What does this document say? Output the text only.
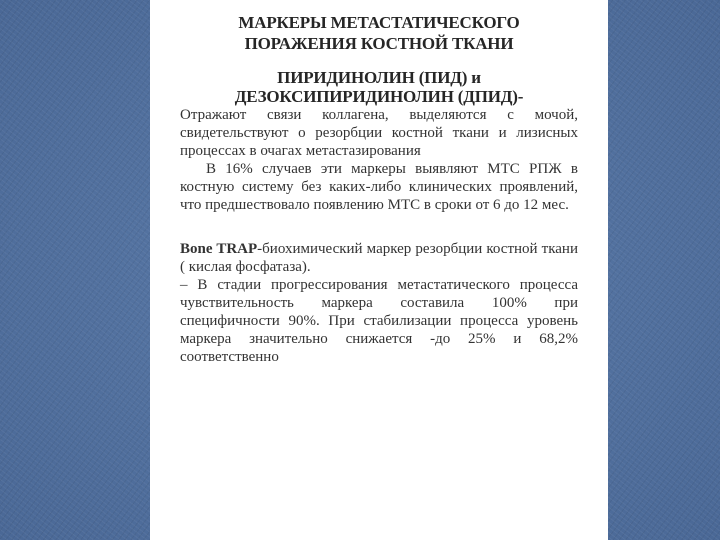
МАРКЕРЫ МЕТАСТАТИЧЕСКОГО
ПОРАЖЕНИЯ КОСТНОЙ ТКАНИ
ПИРИДИНОЛИН (ПИД) и
ДЕЗОКСИПИРИДИНОЛИН (ДПИД)-

Отражают связи коллагена, выделяются с мочой, свидетельствуют о резорбции костной ткани и лизисных процессах в очагах метастазирования

В 16% случаев эти маркеры выявляют МТС РПЖ в костную систему без каких-либо клинических проявлений, что предшествовало появлению МТС в сроки от 6 до 12 мес.

Bone TRAP-биохимический маркер резорбции костной ткани ( кислая фосфатаза).

– В стадии прогрессирования метастатического процесса чувствительность маркера составила 100% при специфичности 90%. При стабилизации процесса уровень маркера значительно снижается -до 25% и 68,2% соответственно
